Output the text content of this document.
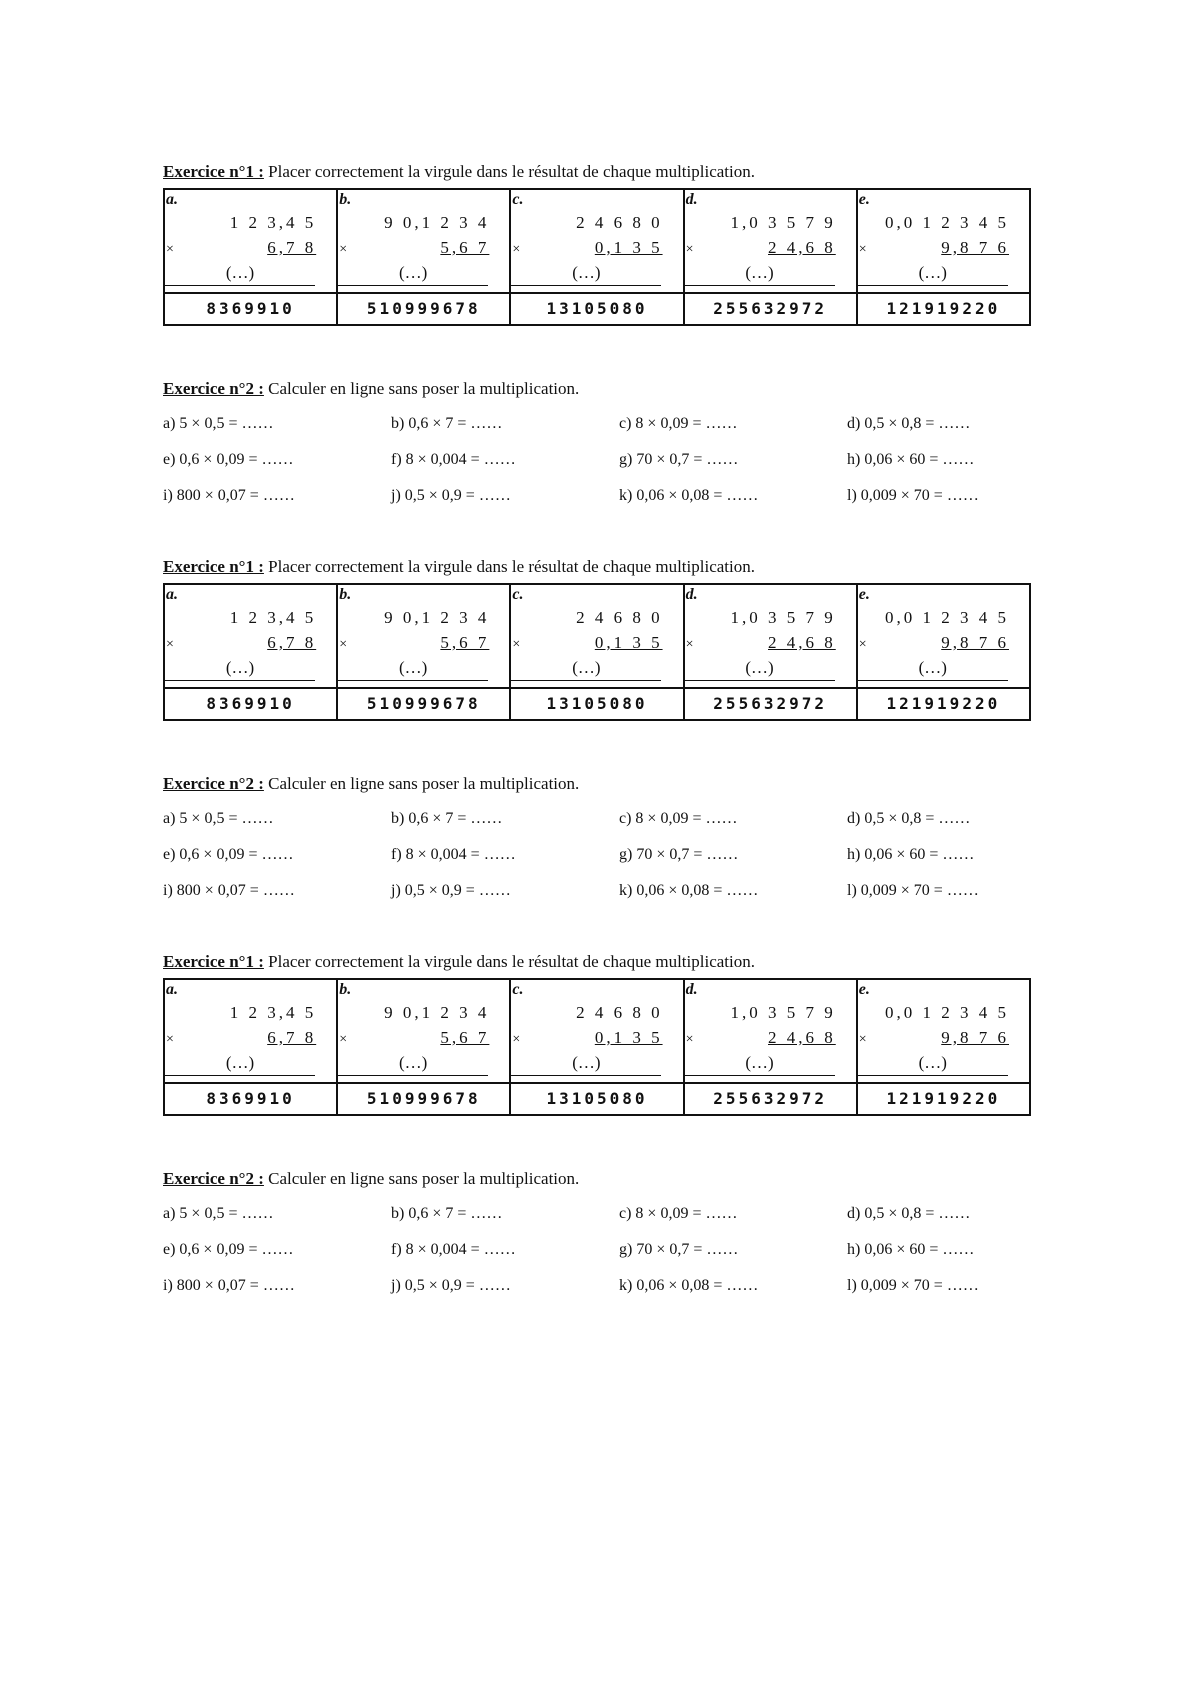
Exercice n°1 : Placer correctement la virgule dans le résultat de chaque multiplication.
a.
1 2 3,4 5
× 6,7 8
(…)	b.
9 0,1 2 3 4
× 5,6 7
(…)	c.
2 4 6 8 0
× 0,1 3 5
(…)	d.
1,0 3 5 7 9
× 2 4,6 8
(…)	e.
0,0 1 2 3 4 5
× 9,8 7 6
(…)

8369910	510999678	13105080	255632972	121919220
Exercice n°2 : Calculer en ligne sans poser la multiplication.
a) 5 × 0,5 = ……	b) 0,6 × 7 = ……	c) 8 × 0,09 = ……	d) 0,5 × 0,8 = ……
e) 0,6 × 0,09 = ……	f) 8 × 0,004 = ……	g) 70 × 0,7 = ……	h) 0,06 × 60 = ……
i) 800 × 0,07 = ……	j) 0,5 × 0,9 = ……	k) 0,06 × 0,08 = ……	l) 0,009 × 70 = ……
Exercice n°1 : Placer correctement la virgule dans le résultat de chaque multiplication.
a.
1 2 3,4 5
× 6,7 8
(…)	b.
9 0,1 2 3 4
× 5,6 7
(…)	c.
2 4 6 8 0
× 0,1 3 5
(…)	d.
1,0 3 5 7 9
× 2 4,6 8
(…)	e.
0,0 1 2 3 4 5
× 9,8 7 6
(…)

8369910	510999678	13105080	255632972	121919220
Exercice n°2 : Calculer en ligne sans poser la multiplication.
a) 5 × 0,5 = ……	b) 0,6 × 7 = ……	c) 8 × 0,09 = ……	d) 0,5 × 0,8 = ……
e) 0,6 × 0,09 = ……	f) 8 × 0,004 = ……	g) 70 × 0,7 = ……	h) 0,06 × 60 = ……
i) 800 × 0,07 = ……	j) 0,5 × 0,9 = ……	k) 0,06 × 0,08 = ……	l) 0,009 × 70 = ……
Exercice n°1 : Placer correctement la virgule dans le résultat de chaque multiplication.
a.
1 2 3,4 5
× 6,7 8
(…)	b.
9 0,1 2 3 4
× 5,6 7
(…)	c.
2 4 6 8 0
× 0,1 3 5
(…)	d.
1,0 3 5 7 9
× 2 4,6 8
(…)	e.
0,0 1 2 3 4 5
× 9,8 7 6
(…)

8369910	510999678	13105080	255632972	121919220
Exercice n°2 : Calculer en ligne sans poser la multiplication.
a) 5 × 0,5 = ……	b) 0,6 × 7 = ……	c) 8 × 0,09 = ……	d) 0,5 × 0,8 = ……
e) 0,6 × 0,09 = ……	f) 8 × 0,004 = ……	g) 70 × 0,7 = ……	h) 0,06 × 60 = ……
i) 800 × 0,07 = ……	j) 0,5 × 0,9 = ……	k) 0,06 × 0,08 = ……	l) 0,009 × 70 = ……
